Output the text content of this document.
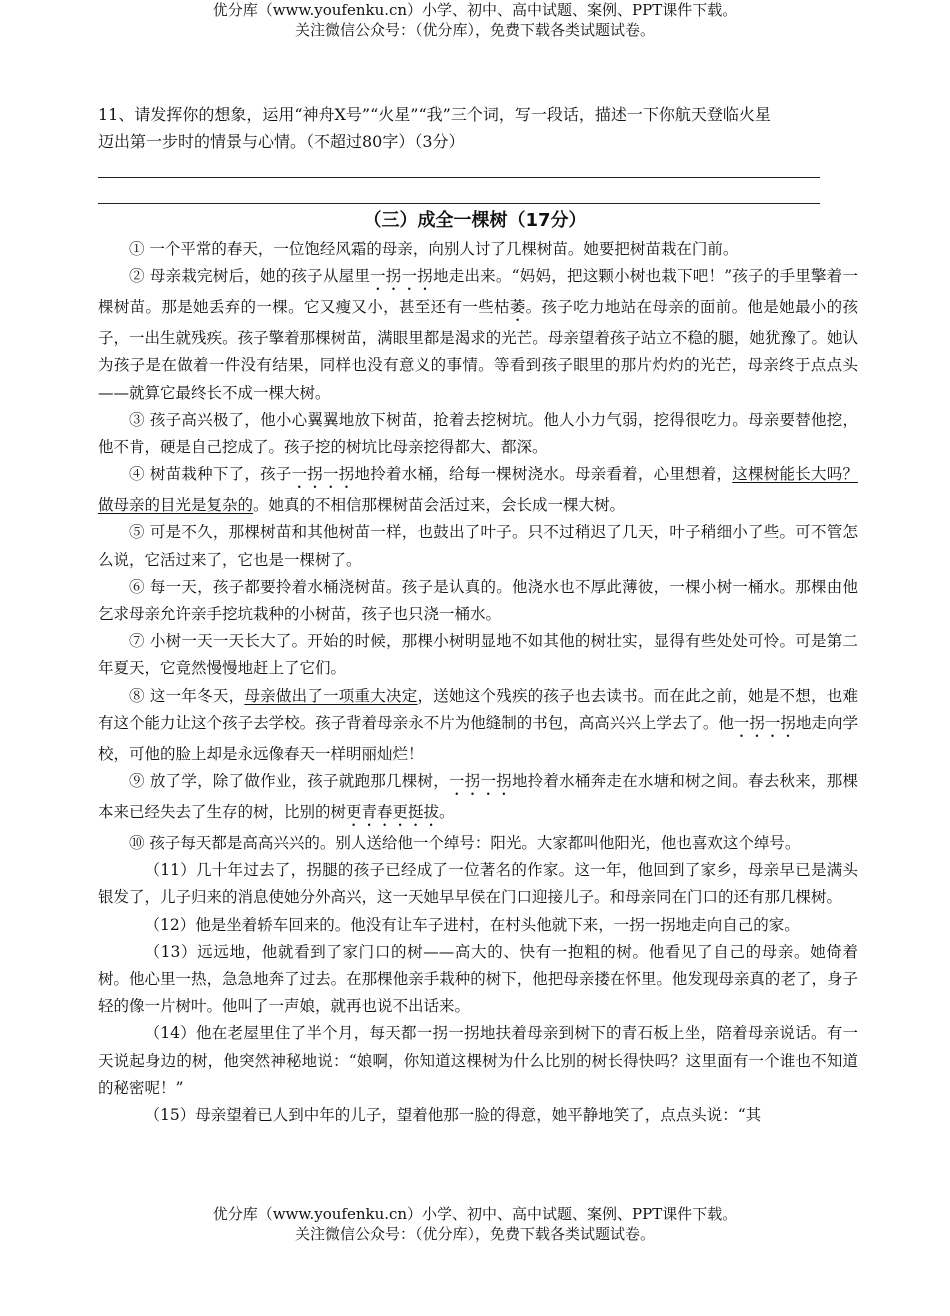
优分库（www.youfenku.cn）小学、初中、高中试题、案例、PPT课件下载。
关注微信公众号：（优分库），免费下载各类试题试卷。
11、请发挥你的想象，运用“神舟X号”“火星”“我”三个词，写一段话，描述一下你航天登临火星
迈出第一步时的情景与心情。（不超过80字）（3分）
（三）成全一棵树（17分）

① 一个平常的春天，一位饱经风霜的母亲，向别人讨了几棵树苗。她要把树苗栽在门前。

② 母亲栽完树后，她的孩子从屋里一拐一拐地走出来。“妈妈，把这颗小树也栽下吧！”孩子的手里擎着一棵树苗。那是她丢弃的一棵。它又瘦又小，甚至还有一些枯萎。孩子吃力地站在母亲的面前。他是她最小的孩子，一出生就残疾。孩子擎着那棵树苗，满眼里都是渴求的光芒。母亲望着孩子站立不稳的腿，她犹豫了。她认为孩子是在做着一件没有结果，同样也没有意义的事情。等看到孩子眼里的那片灼灼的光芒，母亲终于点点头——就算它最终长不成一棵大树。

③ 孩子高兴极了，他小心翼翼地放下树苗，抢着去挖树坑。他人小力气弱，挖得很吃力。母亲要替他挖，他不肯，硬是自己挖成了。孩子挖的树坑比母亲挖得都大、都深。

④ 树苗栽种下了，孩子一拐一拐地拎着水桶，给每一棵树浇水。母亲看着，心里想着，这棵树能长大吗？做母亲的目光是复杂的。她真的不相信那棵树苗会活过来，会长成一棵大树。

⑤ 可是不久，那棵树苗和其他树苗一样，也鼓出了叶子。只不过稍迟了几天，叶子稍细小了些。可不管怎么说，它活过来了，它也是一棵树了。

⑥ 每一天，孩子都要拎着水桶浇树苗。孩子是认真的。他浇水也不厚此薄彼，一棵小树一桶水。那棵由他乞求母亲允许亲手挖坑栽种的小树苗，孩子也只浇一桶水。

⑦ 小树一天一天长大了。开始的时候，那棵小树明显地不如其他的树壮实，显得有些处处可怜。可是第二年夏天，它竟然慢慢地赶上了它们。

⑧ 这一年冬天，母亲做出了一项重大决定，送她这个残疾的孩子也去读书。而在此之前，她是不想，也难有这个能力让这个孩子去学校。孩子背着母亲永不片为他缝制的书包，高高兴兴上学去了。他一拐一拐地走向学校，可他的脸上却是永远像春天一样明丽灿烂！

⑨ 放了学，除了做作业，孩子就跑那几棵树，一拐一拐地拎着水桶奔走在水塘和树之间。春去秋来，那棵本来已经失去了生存的树，比别的树更青春更挺拔。

⑩ 孩子每天都是高高兴兴的。别人送给他一个绰号：阳光。大家都叫他阳光，他也喜欢这个绰号。

（11）几十年过去了，拐腿的孩子已经成了一位著名的作家。这一年，他回到了家乡，母亲早已是满头银发了，儿子归来的消息使她分外高兴，这一天她早早侯在门口迎接儿子。和母亲同在门口的还有那几棵树。

（12）他是坐着轿车回来的。他没有让车子进村，在村头他就下来，一拐一拐地走向自己的家。

（13）远远地，他就看到了家门口的树——高大的、快有一抱粗的树。他看见了自己的母亲。她倚着树。他心里一热，急急地奔了过去。在那棵他亲手栽种的树下，他把母亲搂在怀里。他发现母亲真的老了，身子轻的像一片树叶。他叫了一声娘，就再也说不出话来。

（14）他在老屋里住了半个月，每天都一拐一拐地扶着母亲到树下的青石板上坐，陪着母亲说话。有一天说起身边的树，他突然神秘地说：“娘啊，你知道这棵树为什么比别的树长得快吗？这里面有一个谁也不知道的秘密呢！”

（15）母亲望着已人到中年的儿子，望着他那一脸的得意，她平静地笑了，点点头说：“其

优分库（www.youfenku.cn）小学、初中、高中试题、案例、PPT课件下载。
关注微信公众号：（优分库），免费下载各类试题试卷。
